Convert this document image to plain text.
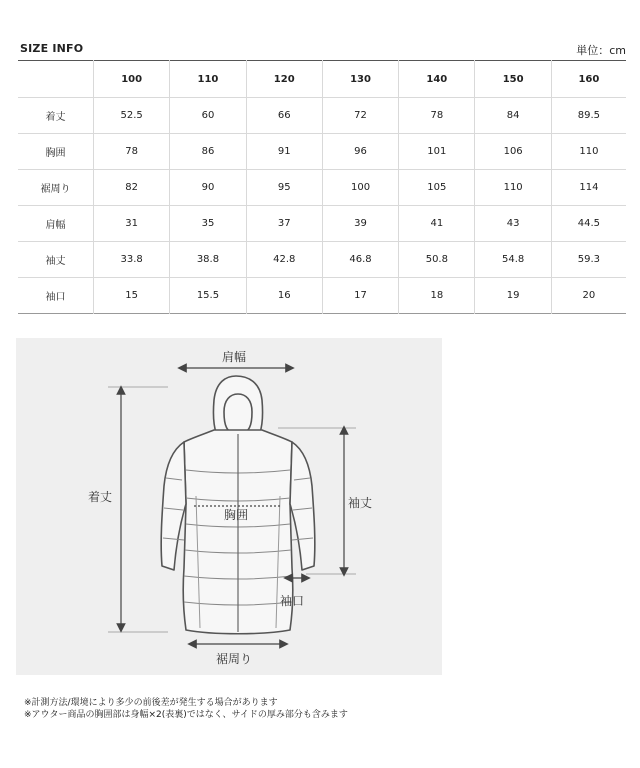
SIZE INFO	単位：cm
	100	110	120	130	140	150	160
着丈	52.5	60	66	72	78	84	89.5
胸囲	78	86	91	96	101	106	110
裾周り	82	90	95	100	105	110	114
肩幅	31	35	37	39	41	43	44.5
袖丈	33.8	38.8	42.8	46.8	50.8	54.8	59.3
袖口	15	15.5	16	17	18	19	20
肩幅
着丈
胸囲
袖丈
袖口
裾周り
※計測方法/環境により多少の前後差が発生する場合があります
※アウター商品の胸囲部は身幅×2(表裏)ではなく、サイドの厚み部分も含みます
